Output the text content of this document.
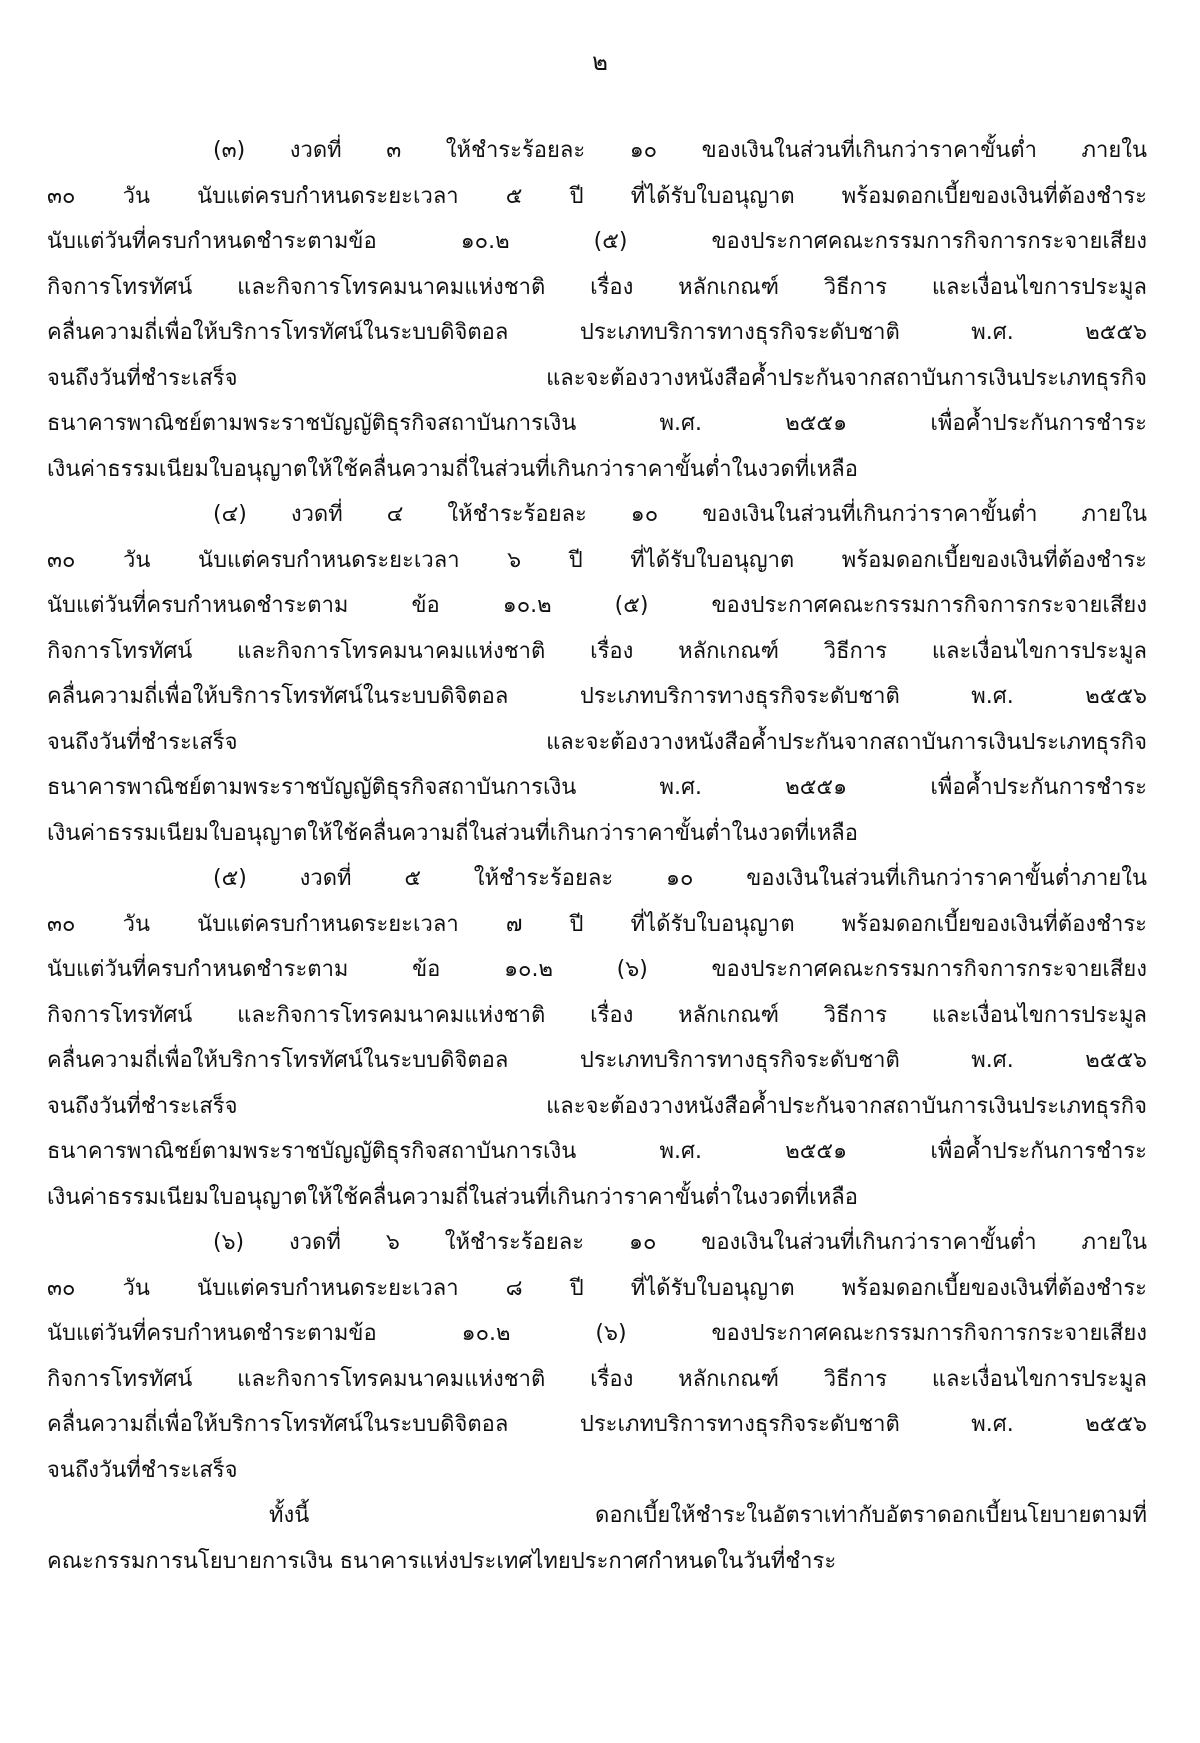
๒
(๓) งวดที่ ๓ ให้ชำระร้อยละ ๑๐ ของเงินในส่วนที่เกินกว่าราคาขั้นต่ำ ภายใน
๓๐ วัน นับแต่ครบกำหนดระยะเวลา ๕ ปี ที่ได้รับใบอนุญาต พร้อมดอกเบี้ยของเงินที่ต้องชำระ
นับแต่วันที่ครบกำหนดชำระตามข้อ ๑๐.๒ (๕) ของประกาศคณะกรรมการกิจการกระจายเสียง
กิจการโทรทัศน์ และกิจการโทรคมนาคมแห่งชาติ เรื่อง หลักเกณฑ์ วิธีการ และเงื่อนไขการประมูล
คลื่นความถี่เพื่อให้บริการโทรทัศน์ในระบบดิจิตอล ประเภทบริการทางธุรกิจระดับชาติ พ.ศ. ๒๕๕๖
จนถึงวันที่ชำระเสร็จ และจะต้องวางหนังสือค้ำประกันจากสถาบันการเงินประเภทธุรกิจ
ธนาคารพาณิชย์ตามพระราชบัญญัติธุรกิจสถาบันการเงิน พ.ศ. ๒๕๕๑ เพื่อค้ำประกันการชำระ
เงินค่าธรรมเนียมใบอนุญาตให้ใช้คลื่นความถี่ในส่วนที่เกินกว่าราคาขั้นต่ำในงวดที่เหลือ
(๔) งวดที่ ๔ ให้ชำระร้อยละ ๑๐ ของเงินในส่วนที่เกินกว่าราคาขั้นต่ำ ภายใน
๓๐ วัน นับแต่ครบกำหนดระยะเวลา ๖ ปี ที่ได้รับใบอนุญาต พร้อมดอกเบี้ยของเงินที่ต้องชำระ
นับแต่วันที่ครบกำหนดชำระตาม ข้อ ๑๐.๒ (๕) ของประกาศคณะกรรมการกิจการกระจายเสียง
กิจการโทรทัศน์ และกิจการโทรคมนาคมแห่งชาติ เรื่อง หลักเกณฑ์ วิธีการ และเงื่อนไขการประมูล
คลื่นความถี่เพื่อให้บริการโทรทัศน์ในระบบดิจิตอล ประเภทบริการทางธุรกิจระดับชาติ พ.ศ. ๒๕๕๖
จนถึงวันที่ชำระเสร็จ และจะต้องวางหนังสือค้ำประกันจากสถาบันการเงินประเภทธุรกิจ
ธนาคารพาณิชย์ตามพระราชบัญญัติธุรกิจสถาบันการเงิน พ.ศ. ๒๕๕๑ เพื่อค้ำประกันการชำระ
เงินค่าธรรมเนียมใบอนุญาตให้ใช้คลื่นความถี่ในส่วนที่เกินกว่าราคาขั้นต่ำในงวดที่เหลือ
(๕) งวดที่ ๕ ให้ชำระร้อยละ ๑๐ ของเงินในส่วนที่เกินกว่าราคาขั้นต่ำภายใน
๓๐ วัน นับแต่ครบกำหนดระยะเวลา ๗ ปี ที่ได้รับใบอนุญาต พร้อมดอกเบี้ยของเงินที่ต้องชำระ
นับแต่วันที่ครบกำหนดชำระตาม ข้อ ๑๐.๒ (๖) ของประกาศคณะกรรมการกิจการกระจายเสียง
กิจการโทรทัศน์ และกิจการโทรคมนาคมแห่งชาติ เรื่อง หลักเกณฑ์ วิธีการ และเงื่อนไขการประมูล
คลื่นความถี่เพื่อให้บริการโทรทัศน์ในระบบดิจิตอล ประเภทบริการทางธุรกิจระดับชาติ พ.ศ. ๒๕๕๖
จนถึงวันที่ชำระเสร็จ และจะต้องวางหนังสือค้ำประกันจากสถาบันการเงินประเภทธุรกิจ
ธนาคารพาณิชย์ตามพระราชบัญญัติธุรกิจสถาบันการเงิน พ.ศ. ๒๕๕๑ เพื่อค้ำประกันการชำระ
เงินค่าธรรมเนียมใบอนุญาตให้ใช้คลื่นความถี่ในส่วนที่เกินกว่าราคาขั้นต่ำในงวดที่เหลือ
(๖) งวดที่ ๖ ให้ชำระร้อยละ ๑๐ ของเงินในส่วนที่เกินกว่าราคาขั้นต่ำ ภายใน
๓๐ วัน นับแต่ครบกำหนดระยะเวลา ๘ ปี ที่ได้รับใบอนุญาต พร้อมดอกเบี้ยของเงินที่ต้องชำระ
นับแต่วันที่ครบกำหนดชำระตามข้อ ๑๐.๒ (๖) ของประกาศคณะกรรมการกิจการกระจายเสียง
กิจการโทรทัศน์ และกิจการโทรคมนาคมแห่งชาติ เรื่อง หลักเกณฑ์ วิธีการ และเงื่อนไขการประมูล
คลื่นความถี่เพื่อให้บริการโทรทัศน์ในระบบดิจิตอล ประเภทบริการทางธุรกิจระดับชาติ พ.ศ. ๒๕๕๖
จนถึงวันที่ชำระเสร็จ
ทั้งนี้ ดอกเบี้ยให้ชำระในอัตราเท่ากับอัตราดอกเบี้ยนโยบายตามที่
คณะกรรมการนโยบายการเงิน ธนาคารแห่งประเทศไทยประกาศกำหนดในวันที่ชำระ
